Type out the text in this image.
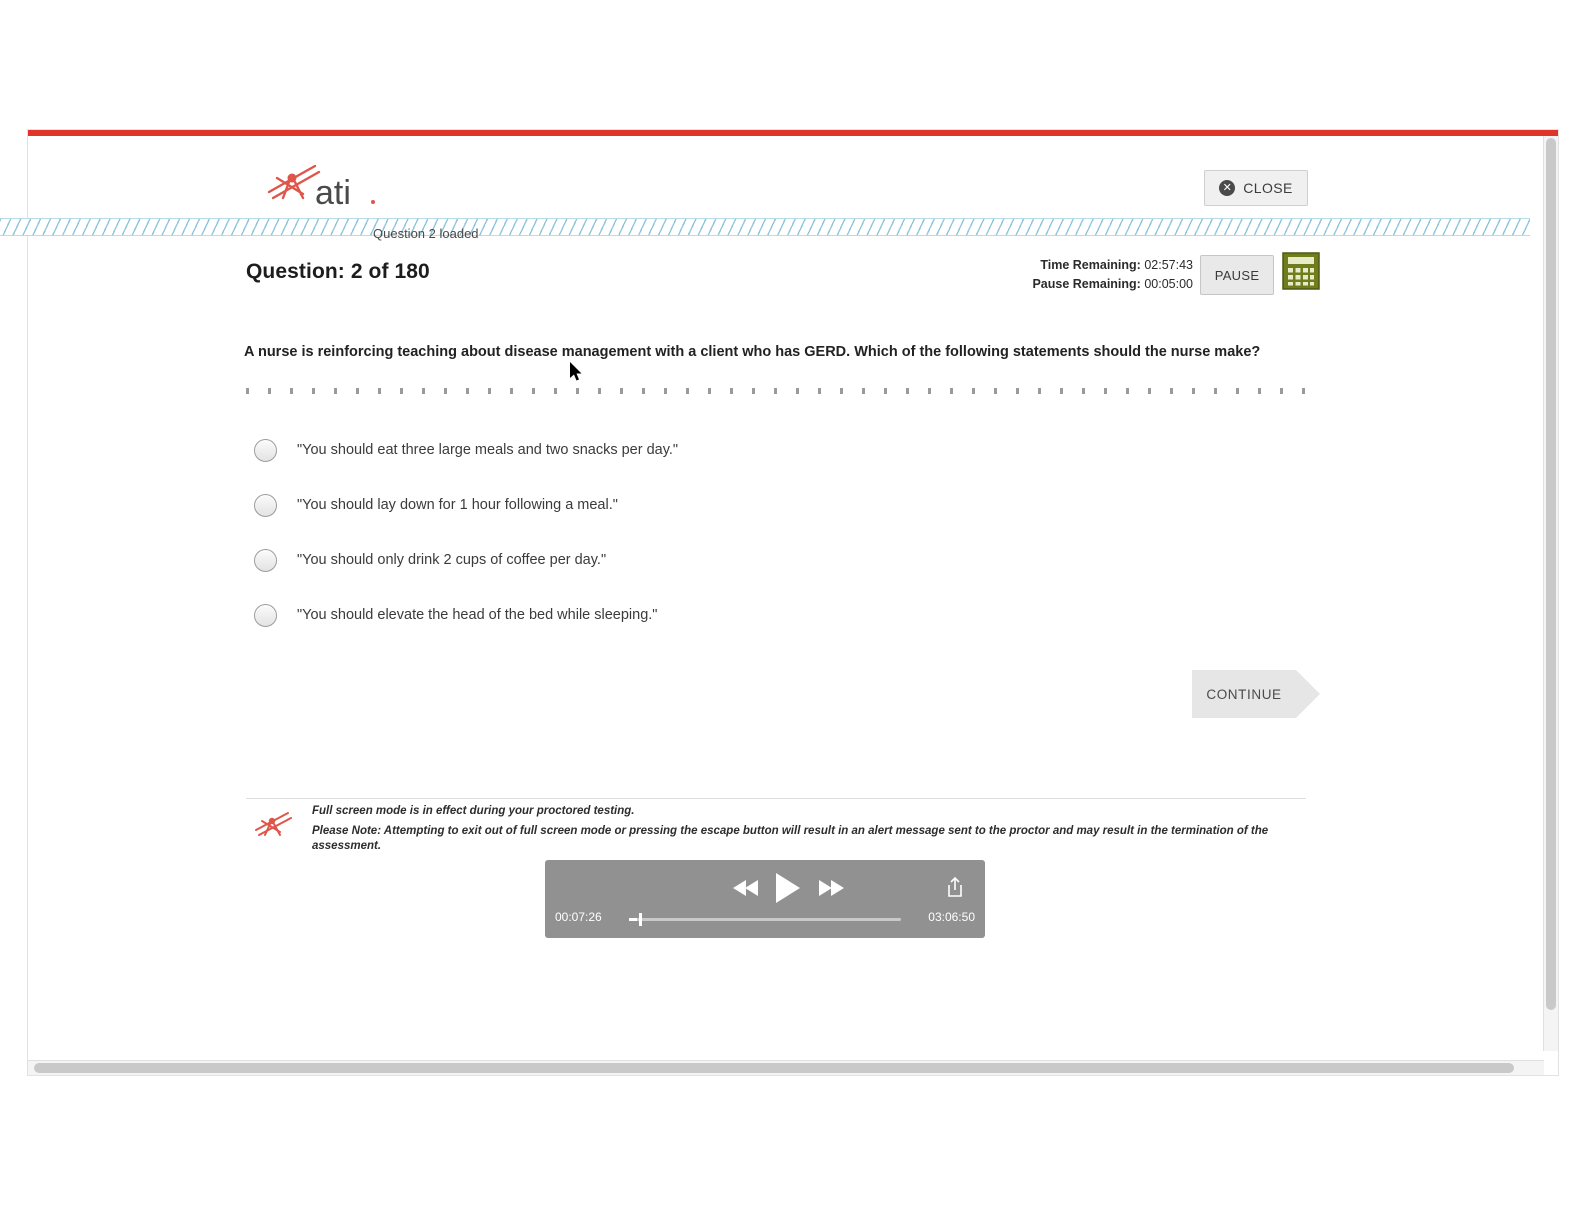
ati	✕ CLOSE
Question 2 loaded
Question: 2 of 180	Time Remaining: 02:57:43
Pause Remaining: 00:05:00
PAUSE
A nurse is reinforcing teaching about disease management with a client who has GERD. Which of the following statements should the nurse make?
"You should eat three large meals and two snacks per day."
"You should lay down for 1 hour following a meal."
"You should only drink 2 cups of coffee per day."
"You should elevate the head of the bed while sleeping."
CONTINUE
Full screen mode is in effect during your proctored testing.
Please Note: Attempting to exit out of full screen mode or pressing the escape button will result in an alert message sent to the proctor and may result in the termination of the assessment.
00:07:26	03:06:50
